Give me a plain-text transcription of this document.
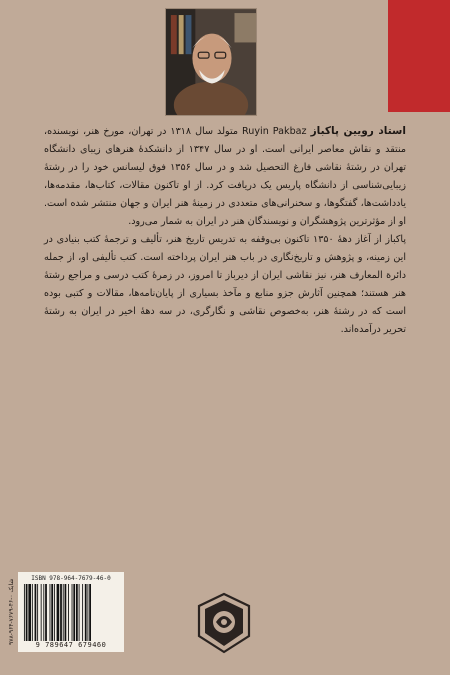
استاد رویین پاکباز Ruyin Pakbaz متولد سال ۱۳۱۸ در تهران، مورخ هنر، نویسنده، منتقد و نقاش معاصر ایرانی است. او در سال ۱۳۴۷ از دانشکدهٔ هنرهای زیبای دانشگاه تهران در رشتهٔ نقاشی فارغ التحصیل شد و در سال ۱۳۵۶ فوق لیسانس خود را در رشتهٔ زیبایی‌شناسی از دانشگاه پاریس یک دریافت کرد. از او تاکنون مقالات، کتاب‌ها، مقدمه‌ها، یادداشت‌ها، گفتگوها، و سخنرانی‌های متعددی در زمینهٔ هنر ایران و جهان منتشر شده است. او از مؤثرترین پژوهشگران و نویسندگان هنر در ایران به شمار می‌رود.

پاکباز از آغاز دههٔ ۱۳۵۰ تاکنون بی‌وقفه به تدریس تاریخ هنر، تألیف و ترجمهٔ کتب بنیادی در این زمینه، و پژوهش و تاریخ‌نگاری در باب هنر ایران پرداخته است. کتب تألیفی او، از جمله دائرة المعارف هنر، نیز نقاشی ایران از دیرباز تا امروز، در زمرهٔ کتب درسی و مراجع رشتهٔ هنر هستند؛ همچنین آثارش جزو منابع و مآخذ بسیاری از پایان‌نامه‌ها، مقالات و کتبی بوده است که در رشتهٔ هنر، به‌خصوص نقاشی و نگارگری، در سه دههٔ اخیر در ایران به رشتهٔ تحریر درآمده‌اند.

شابک ۰-۴۶-۷۶۷۹-۹۶۴-۹۷۸
ISBN 978-964-7679-46-0
9 789647 679460
